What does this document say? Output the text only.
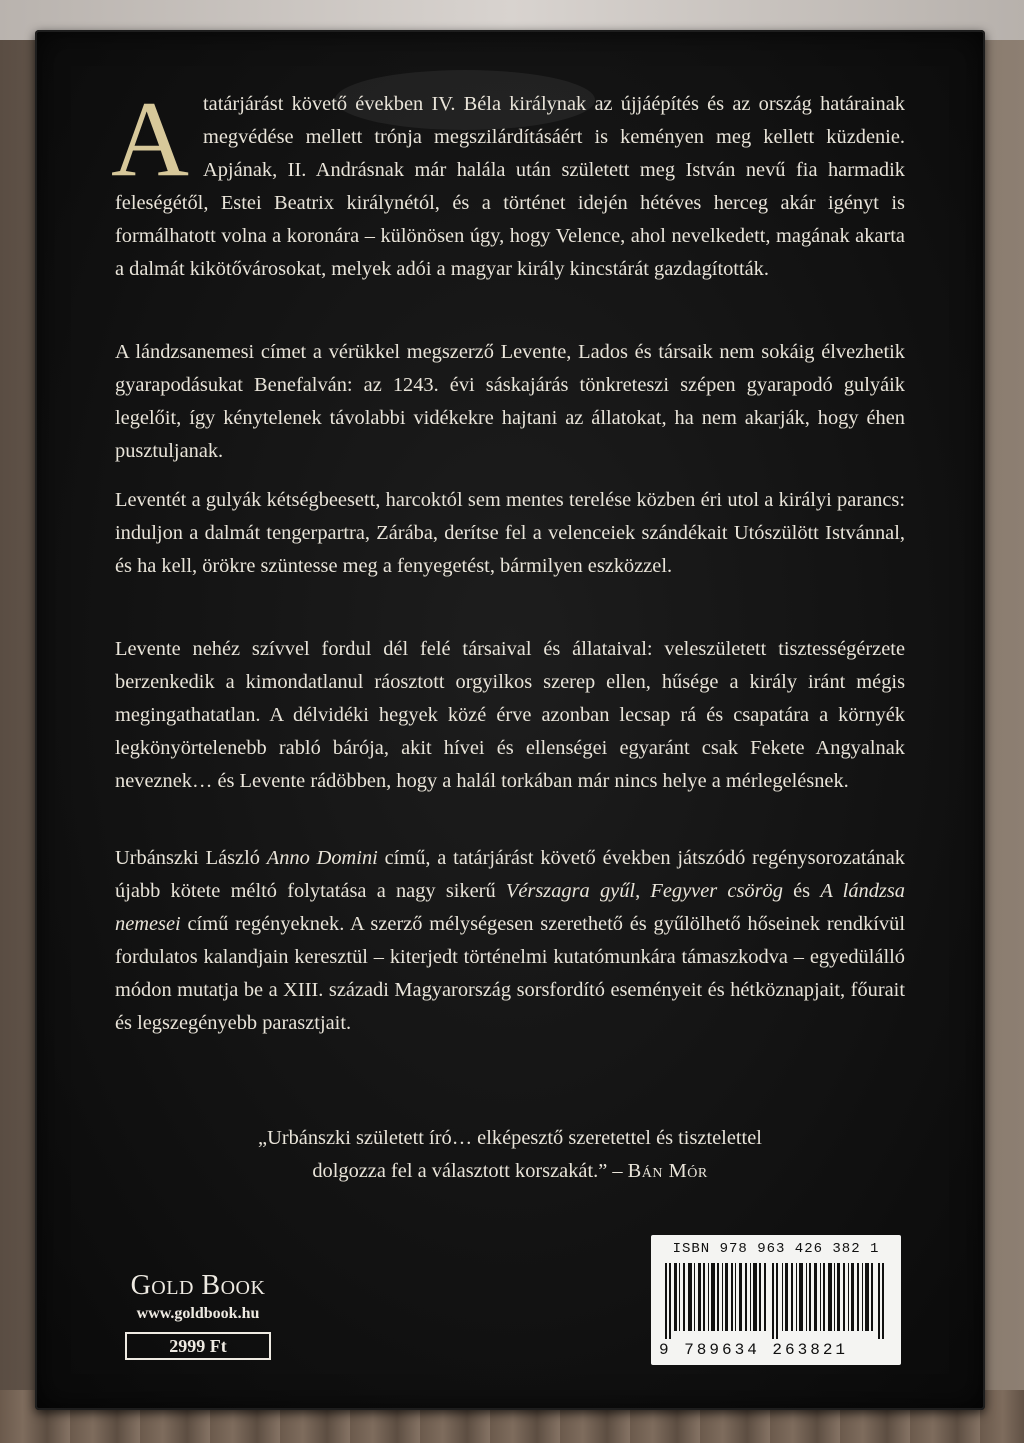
Atatárjárást követő években IV. Béla királynak az újjáépítés és az ország határainak megvédése mellett trónja megszilárdításáért is keményen meg kellett küzdenie. Apjának, II. Andrásnak már halála után született meg István nevű fia harmadik feleségétől, Estei Beatrix királynétól, és a történet idején hétéves herceg akár igényt is formálhatott volna a koronára – különösen úgy, hogy Velence, ahol nevelkedett, magának akarta a dalmát kikötővárosokat, melyek adói a magyar király kincstárát gazdagították.

A lándzsanemesi címet a vérükkel megszerző Levente, Lados és társaik nem sokáig élvezhetik gyarapodásukat Benefalván: az 1243. évi sáskajárás tönkreteszi szépen gyarapodó gulyáik legelőit, így kénytelenek távolabbi vidékekre hajtani az állatokat, ha nem akarják, hogy éhen pusztuljanak.

Leventét a gulyák kétségbeesett, harcoktól sem mentes terelése közben éri utol a királyi parancs: induljon a dalmát tengerpartra, Zárába, derítse fel a velenceiek szándékait Utószülött Istvánnal, és ha kell, örökre szüntesse meg a fenyegetést, bármilyen eszközzel.

Levente nehéz szívvel fordul dél felé társaival és állataival: veleszületett tisztességérzete berzenkedik a kimondatlanul ráosztott orgyilkos szerep ellen, hűsége a király iránt mégis megingathatatlan. A délvidéki hegyek közé érve azonban lecsap rá és csapatára a környék legkönyörtelenebb rabló bárója, akit hívei és ellenségei egyaránt csak Fekete Angyalnak neveznek… és Levente rádöbben, hogy a halál torkában már nincs helye a mérlegelésnek.

Urbánszki László Anno Domini című, a tatárjárást követő években játszódó regénysorozatának újabb kötete méltó folytatása a nagy sikerű Vérszagra gyűl, Fegyver csörög és A lándzsa nemesei című regényeknek. A szerző mélységesen szerethető és gyűlölhető hőseinek rendkívül fordulatos kalandjain keresztül – kiterjedt történelmi kutatómunkára támaszkodva – egyedülálló módon mutatja be a XIII. századi Magyarország sorsfordító eseményeit és hétköznapjait, főurait és legszegényebb parasztjait.

„Urbánszki született író… elképesztő szeretettel és tisztelettel
dolgozza fel a választott korszakát.” – Bán Mór
Gold Book
www.goldbook.hu
2999 Ft
ISBN 978 963 426 382 1
9 789634 263821
